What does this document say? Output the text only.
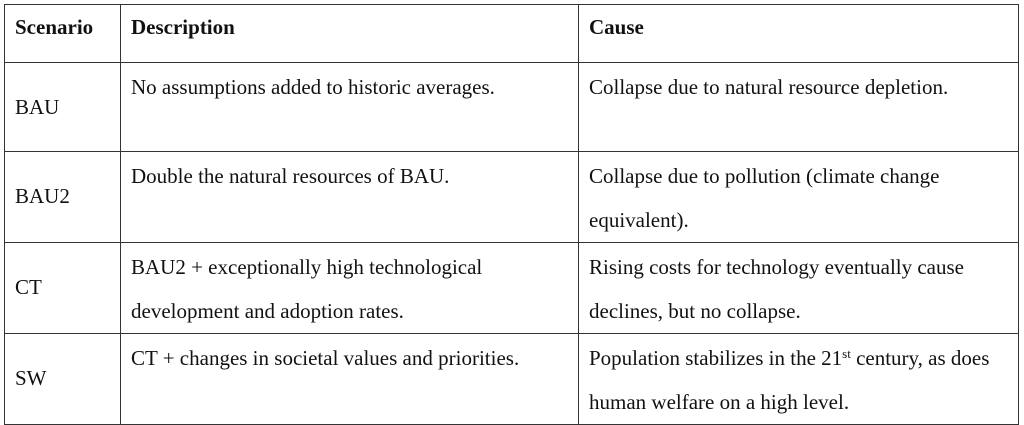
Scenario	Description	Cause

BAU	No assumptions added to historic averages.	Collapse due to natural resource depletion.

BAU2	Double the natural resources of BAU.	Collapse due to pollution (climate change equivalent).

CT	BAU2 + exceptionally high technological development and adoption rates.	Rising costs for technology eventually cause declines, but no collapse.

SW	CT + changes in societal values and priorities.	Population stabilizes in the 21st century, as does human welfare on a high level.
